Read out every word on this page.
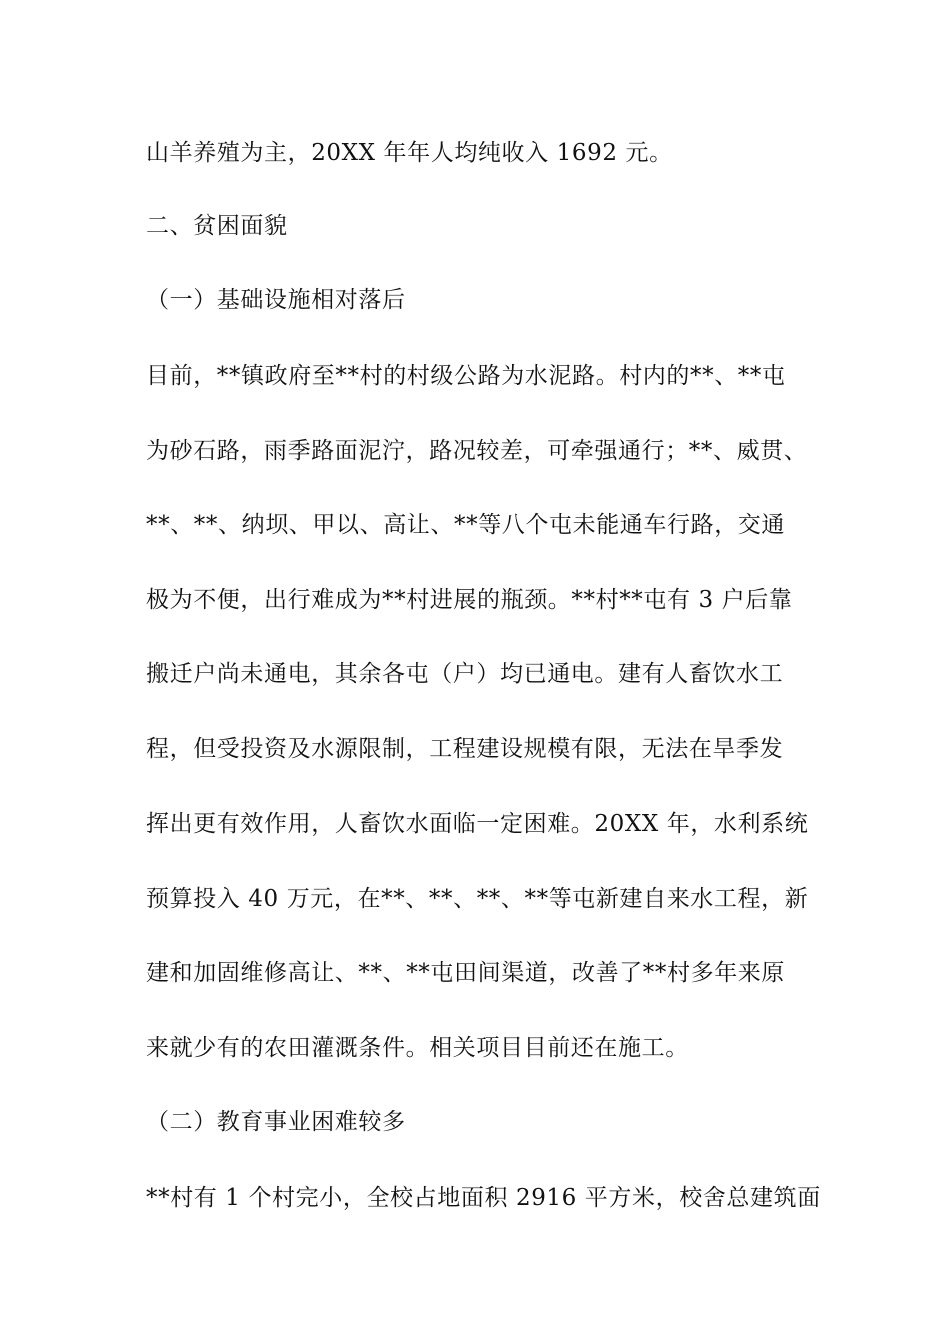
山羊养殖为主，20XX 年年人均纯收入 1692 元。
二、贫困面貌
（一）基础设施相对落后
目前，**镇政府至**村的村级公路为水泥路。村内的**、**屯
为砂石路，雨季路面泥泞，路况较差，可牵强通行；**、威贯、
**、**、纳坝、甲以、高让、**等八个屯未能通车行路，交通
极为不便，出行难成为**村进展的瓶颈。**村**屯有 3 户后靠
搬迁户尚未通电，其余各屯（户）均已通电。建有人畜饮水工
程，但受投资及水源限制，工程建设规模有限，无法在旱季发
挥出更有效作用，人畜饮水面临一定困难。20XX 年，水利系统
预算投入 40 万元，在**、**、**、**等屯新建自来水工程，新
建和加固维修高让、**、**屯田间渠道，改善了**村多年来原
来就少有的农田灌溉条件。相关项目目前还在施工。
（二）教育事业困难较多
**村有 1 个村完小，全校占地面积 2916 平方米，校舍总建筑面
